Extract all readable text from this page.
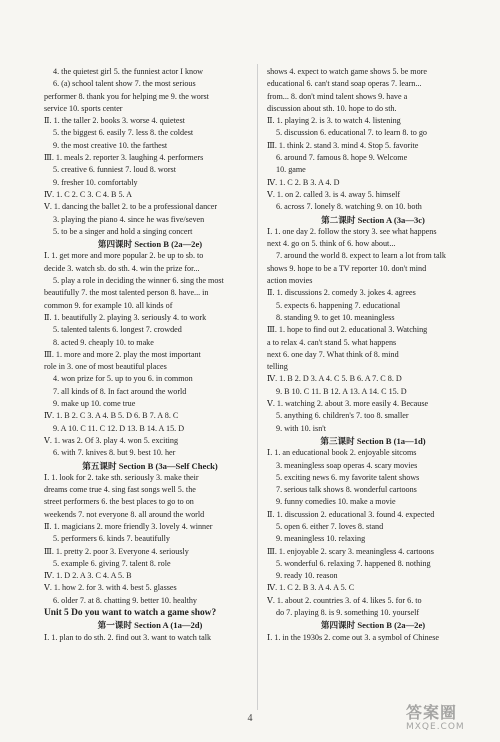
4. the quietest girl 5. the funniest actor I know
6. (a) school talent show 7. the most serious
performer 8. thank you for helping me 9. the worst
service 10. sports center
Ⅱ. 1. the taller 2. books 3. worse 4. quietest
5. the biggest 6. easily 7. less 8. the coldest
9. the most creative 10. the farthest
Ⅲ. 1. meals 2. reporter 3. laughing 4. performers
5. creative 6. funniest 7. loud 8. worst
9. fresher 10. comfortably
Ⅳ. 1. C 2. C 3. C 4. B 5. A
Ⅴ. 1. dancing the ballet 2. to be a professional dancer
3. playing the piano 4. since he was five/seven
5. to be a singer and hold a singing concert
第四课时 Section B (2a—2e)
Ⅰ. 1. get more and more popular 2. be up to sb. to
decide 3. watch sb. do sth. 4. win the prize for...
5. play a role in deciding the winner 6. sing the most
beautifully 7. the most talented person 8. have... in
common 9. for example 10. all kinds of
Ⅱ. 1. beautifully 2. playing 3. seriously 4. to work
5. talented talents 6. longest 7. crowded
8. acted 9. cheaply 10. to make
Ⅲ. 1. more and more 2. play the most important
role in 3. one of most beautiful places
4. won prize for 5. up to you 6. in common
7. all kinds of 8. In fact around the world
9. make up 10. come true
Ⅳ. 1. B 2. C 3. A 4. B 5. D 6. B 7. A 8. C
9. A 10. C 11. C 12. D 13. B 14. A 15. D
Ⅴ. 1. was 2. Of 3. play 4. won 5. exciting
6. with 7. knives 8. but 9. best 10. her
第五课时 Section B (3a—Self Check)
Ⅰ. 1. look for 2. take sth. seriously 3. make their
dreams come true 4. sing fast songs well 5. the
street performers 6. the best places to go to on
weekends 7. not everyone 8. all around the world
Ⅱ. 1. magicians 2. more friendly 3. lovely 4. winner
5. performers 6. kinds 7. beautifully
Ⅲ. 1. pretty 2. poor 3. Everyone 4. seriously
5. example 6. giving 7. talent 8. role
Ⅳ. 1. D 2. A 3. C 4. A 5. B
Ⅴ. 1. how 2. for 3. with 4. best 5. glasses
6. older 7. at 8. chatting 9. better 10. healthy
Unit 5 Do you want to watch a game show?
第一课时 Section A (1a—2d)
Ⅰ. 1. plan to do sth. 2. find out 3. want to watch talk
shows 4. expect to watch game shows 5. be more
educational 6. can't stand soap operas 7. learn...
from... 8. don't mind talent shows 9. have a
discussion about sth. 10. hope to do sth.
Ⅱ. 1. playing 2. is 3. to watch 4. listening
5. discussion 6. educational 7. to learn 8. to go
Ⅲ. 1. think 2. stand 3. mind 4. Stop 5. favorite
6. around 7. famous 8. hope 9. Welcome
10. game
Ⅳ. 1. C 2. B 3. A 4. D
Ⅴ. 1. on 2. called 3. is 4. away 5. himself
6. across 7. lonely 8. watching 9. on 10. both
第二课时 Section A (3a—3c)
Ⅰ. 1. one day 2. follow the story 3. see what happens
next 4. go on 5. think of 6. how about...
7. around the world 8. expect to learn a lot from talk
shows 9. hope to be a TV reporter 10. don't mind
action movies
Ⅱ. 1. discussions 2. comedy 3. jokes 4. agrees
5. expects 6. happening 7. educational
8. standing 9. to get 10. meaningless
Ⅲ. 1. hope to find out 2. educational 3. Watching
a to relax 4. can't stand 5. what happens
next 6. one day 7. What think of 8. mind
telling
Ⅳ. 1. B 2. D 3. A 4. C 5. B 6. A 7. C 8. D
9. B 10. C 11. B 12. A 13. A 14. C 15. D
Ⅴ. 1. watching 2. about 3. more easily 4. Because
5. anything 6. children's 7. too 8. smaller
9. with 10. isn't
第三课时 Section B (1a—1d)
Ⅰ. 1. an educational book 2. enjoyable sitcoms
3. meaningless soap operas 4. scary movies
5. exciting news 6. my favorite talent shows
7. serious talk shows 8. wonderful cartoons
9. funny comedies 10. make a movie
Ⅱ. 1. discussion 2. educational 3. found 4. expected
5. open 6. either 7. loves 8. stand
9. meaningless 10. relaxing
Ⅲ. 1. enjoyable 2. scary 3. meaningless 4. cartoons
5. wonderful 6. relaxing 7. happened 8. nothing
9. ready 10. reason
Ⅳ. 1. C 2. B 3. A 4. A 5. C
Ⅴ. 1. about 2. countries 3. of 4. likes 5. for 6. to
do 7. playing 8. is 9. something 10. yourself
第四课时 Section B (2a—2e)
Ⅰ. 1. in the 1930s 2. come out 3. a symbol of Chinese
4	答案圈
MXQE.COM
